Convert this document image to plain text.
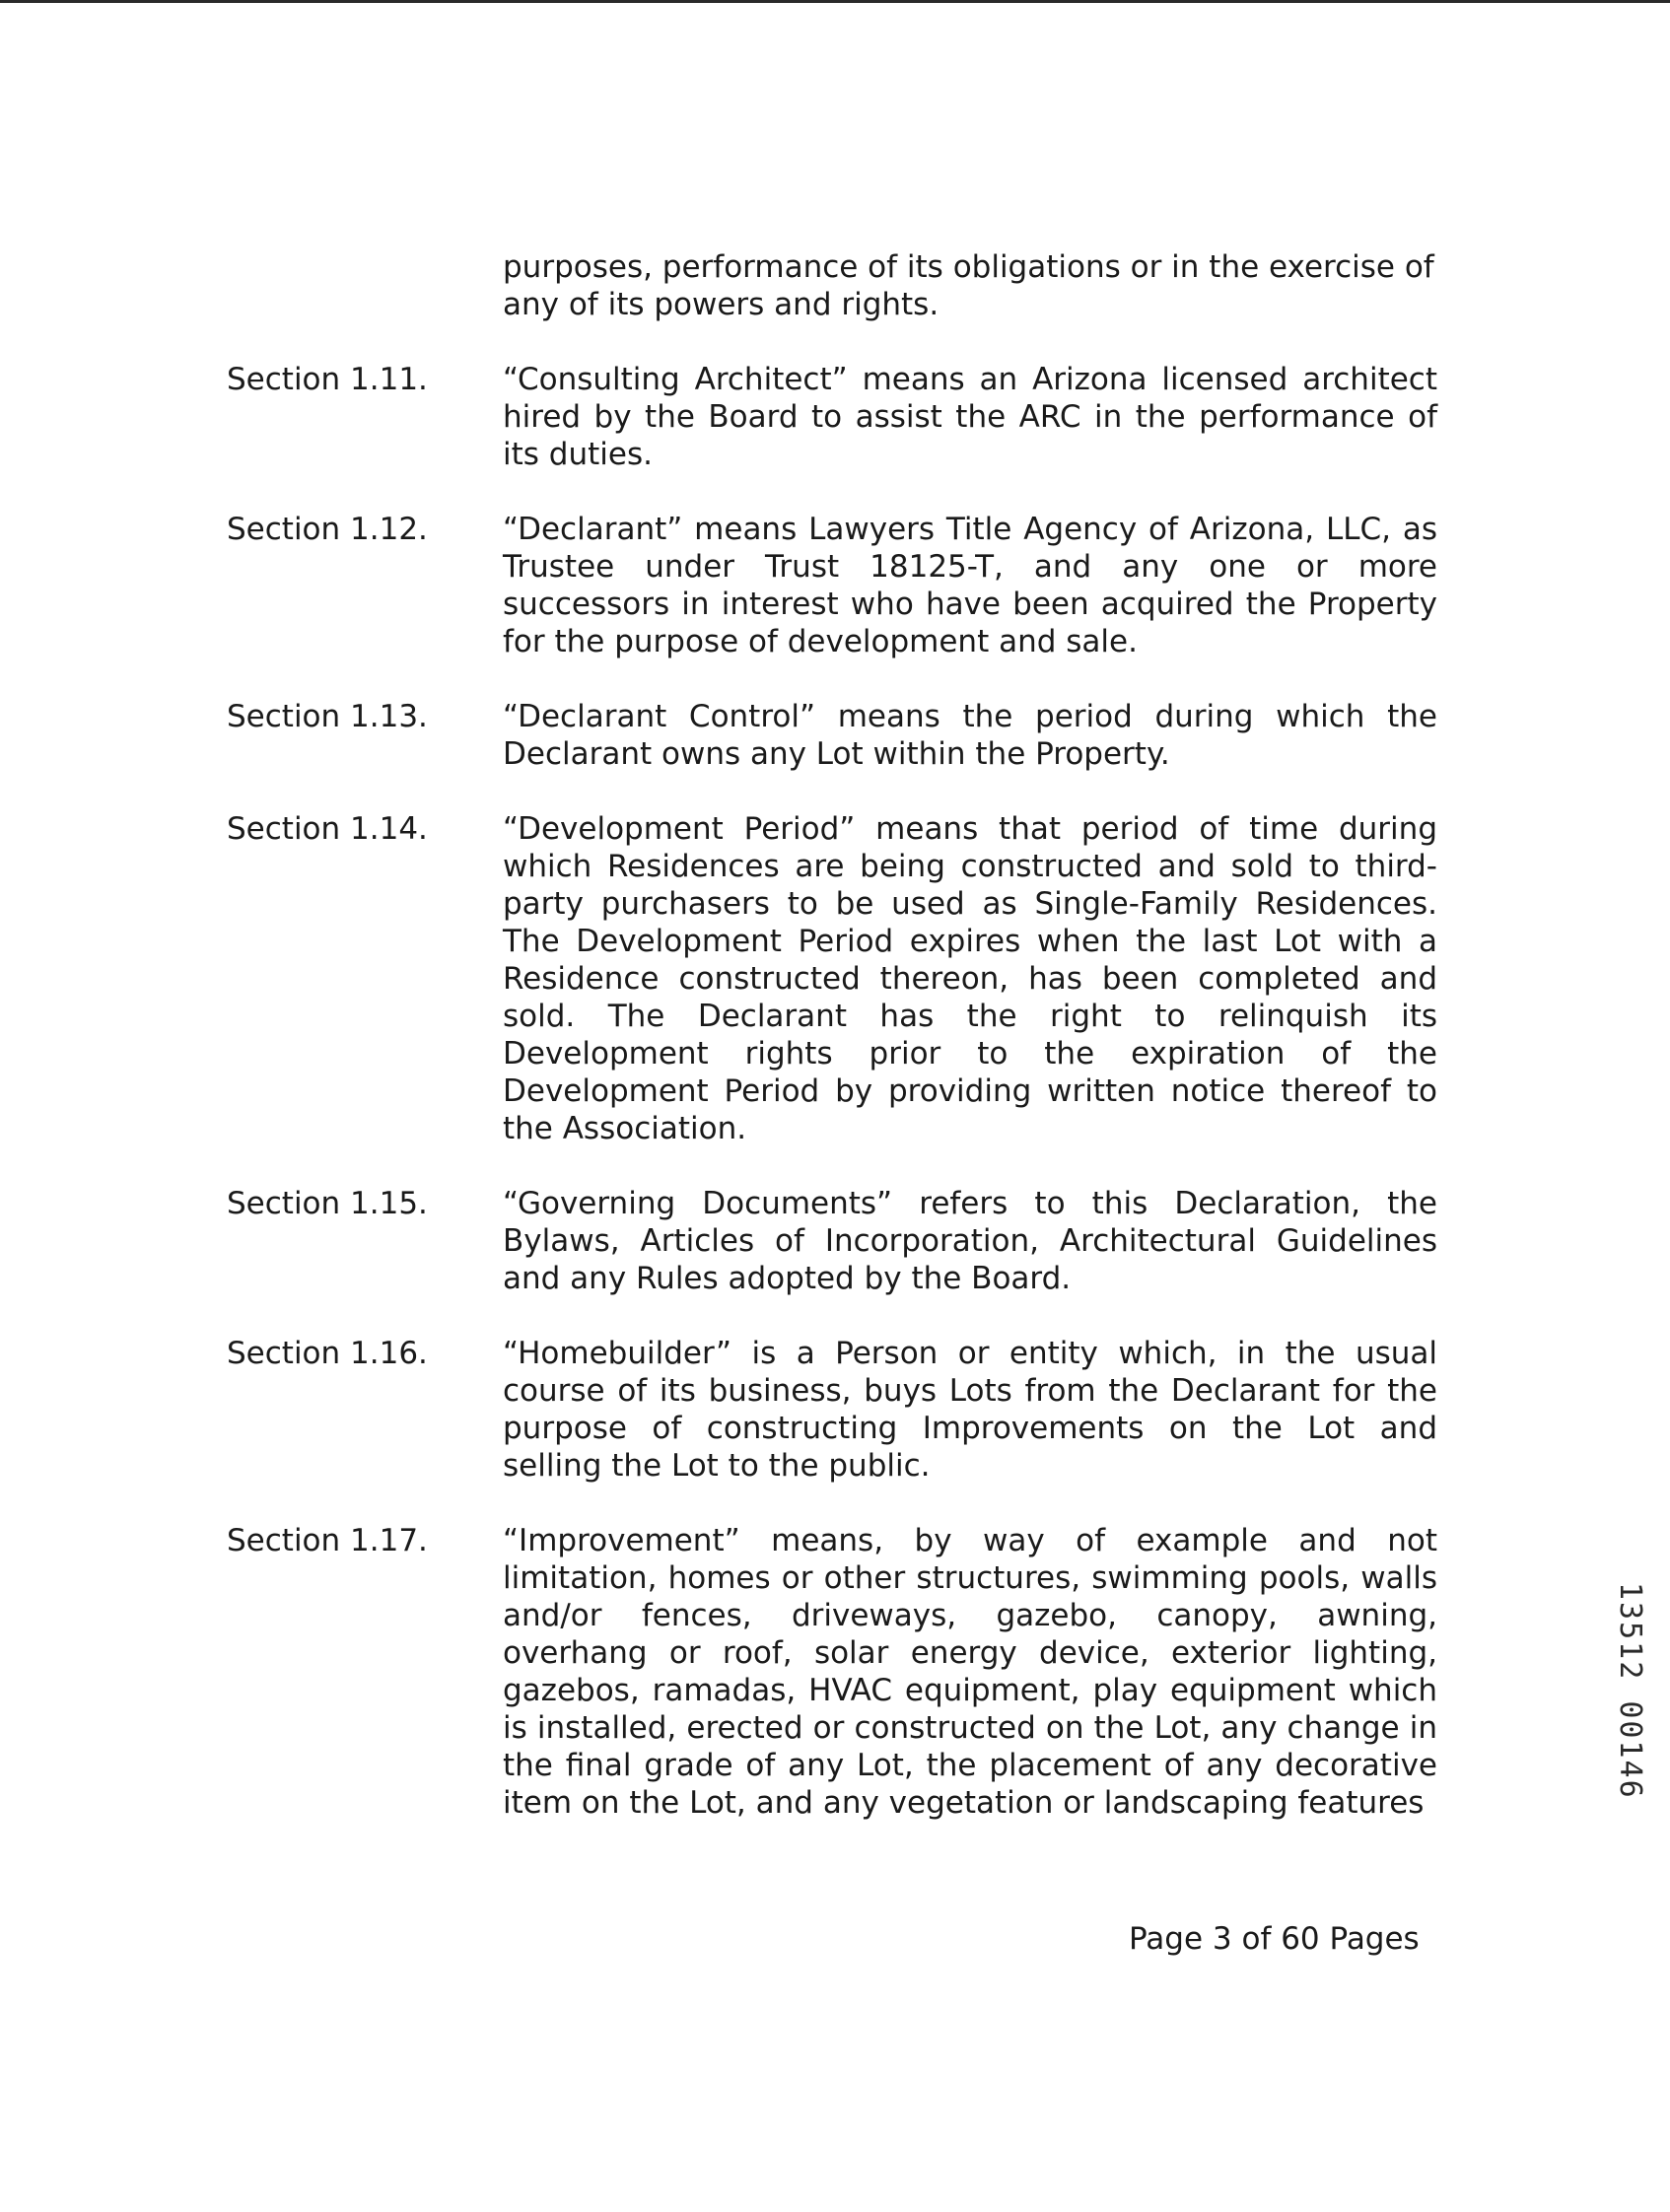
purposes, performance of its obligations or in the exercise of any of its powers and rights.
Section 1.11.	“Consulting Architect” means an Arizona licensed architect hired by the Board to assist the ARC in the performance of its duties.
Section 1.12.	“Declarant” means Lawyers Title Agency of Arizona, LLC, as Trustee under Trust 18125-T, and any one or more successors in interest who have been acquired the Property for the purpose of development and sale.
Section 1.13.	“Declarant Control” means the period during which the Declarant owns any Lot within the Property.
Section 1.14.	“Development Period” means that period of time during which Residences are being constructed and sold to third-party purchasers to be used as Single-Family Residences. The Development Period expires when the last Lot with a Residence constructed thereon, has been completed and sold. The Declarant has the right to relinquish its Development rights prior to the expiration of the Development Period by providing written notice thereof to the Association.
Section 1.15.	“Governing Documents” refers to this Declaration, the Bylaws, Articles of Incorporation, Architectural Guidelines and any Rules adopted by the Board.
Section 1.16.	“Homebuilder” is a Person or entity which, in the usual course of its business, buys Lots from the Declarant for the purpose of constructing Improvements on the Lot and selling the Lot to the public.
Section 1.17.	“Improvement” means, by way of example and not limitation, homes or other structures, swimming pools, walls and/or fences, driveways, gazebo, canopy, awning, overhang or roof, solar energy device, exterior lighting, gazebos, ramadas, HVAC equipment, play equipment which is installed, erected or constructed on the Lot, any change in the final grade of any Lot, the placement of any decorative item on the Lot, and any vegetation or landscaping features
Page 3 of 60 Pages
13512 00146
